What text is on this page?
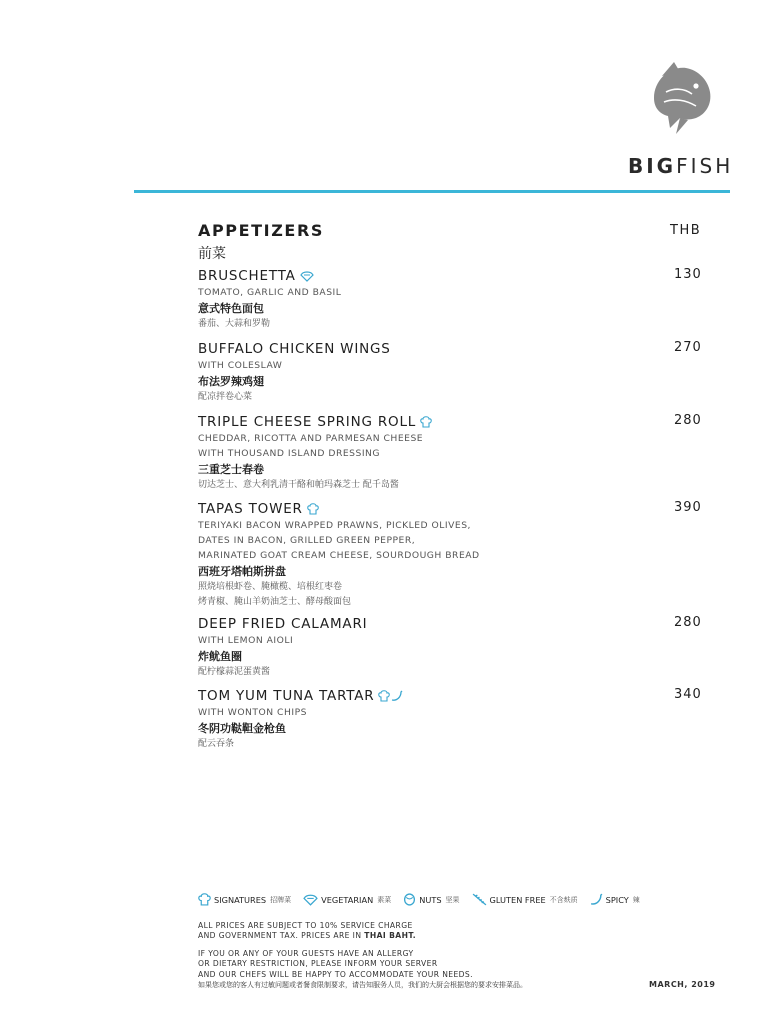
BIGFISH
APPETIZERS
前菜
THB
BRUSCHETTA	130
TOMATO, GARLIC AND BASIL
意式特色面包
番茄、大蒜和罗勒
BUFFALO CHICKEN WINGS	270
WITH COLESLAW
布法罗辣鸡翅
配凉拌卷心菜
TRIPLE CHEESE SPRING ROLL	280
CHEDDAR, RICOTTA AND PARMESAN CHEESE
WITH THOUSAND ISLAND DRESSING
三重芝士春卷
切达芝士、意大利乳清干酪和帕玛森芝士 配千岛酱
TAPAS TOWER	390
TERIYAKI BACON WRAPPED PRAWNS, PICKLED OLIVES,
DATES IN BACON, GRILLED GREEN PEPPER,
MARINATED GOAT CREAM CHEESE, SOURDOUGH BREAD
西班牙塔帕斯拼盘
照烧培根虾卷、腌橄榄、培根红枣卷
烤青椒、腌山羊奶油芝士、酵母酸面包
DEEP FRIED CALAMARI	280
WITH LEMON AIOLI
炸鱿鱼圈
配柠檬蒜泥蛋黄酱
TOM YUM TUNA TARTAR	340
WITH WONTON CHIPS
冬阴功鞑靼金枪鱼
配云吞条
SIGNATURES 招牌菜	VEGETARIAN 素菜	NUTS 坚果	GLUTEN FREE 不含麸质	SPICY 辣
ALL PRICES ARE SUBJECT TO 10% SERVICE CHARGE
AND GOVERNMENT TAX. PRICES ARE IN THAI BAHT.
IF YOU OR ANY OF YOUR GUESTS HAVE AN ALLERGY
OR DIETARY RESTRICTION, PLEASE INFORM YOUR SERVER
AND OUR CHEFS WILL BE HAPPY TO ACCOMMODATE YOUR NEEDS.
如果您或您的客人有过敏问题或者餐食限制要求，请告知服务人员，我们的大厨会根据您的要求安排菜品。	MARCH, 2019
